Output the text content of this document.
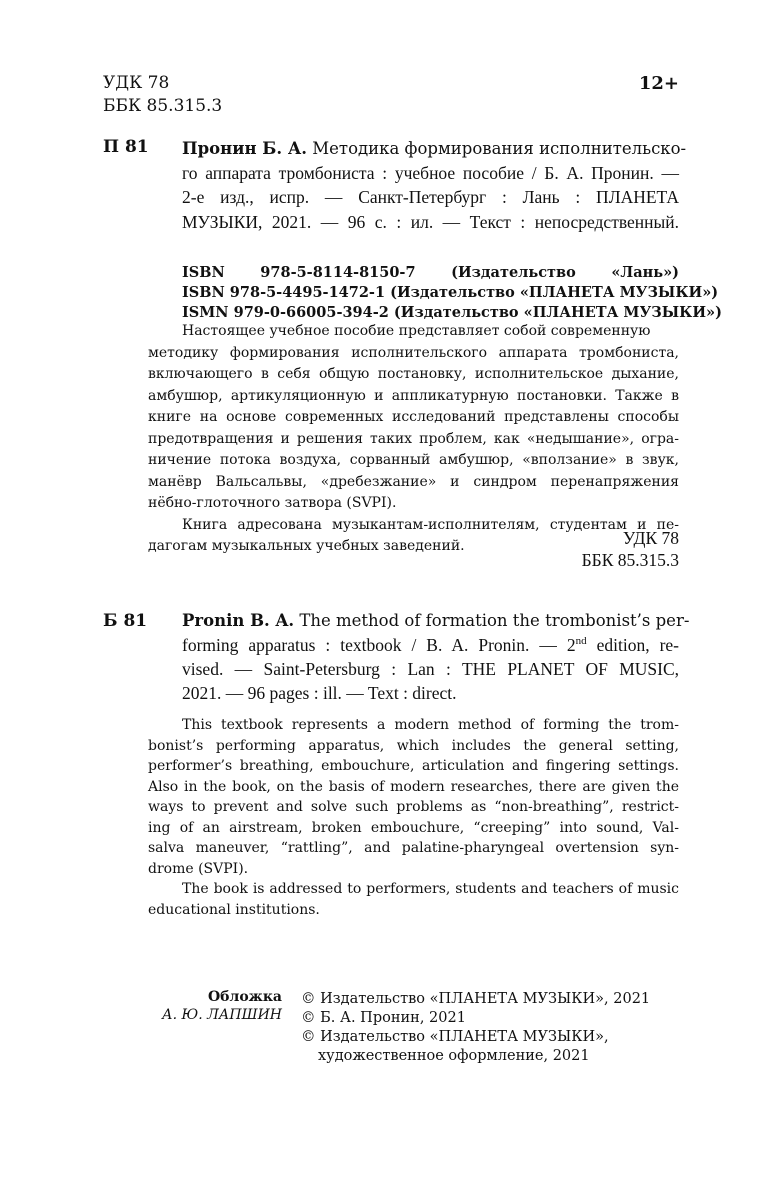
УДК 78
ББК 85.315.3
12+
П 81 Пронин Б. А. Методика формирования исполнительско-
го аппарата тромбониста : учебное пособие / Б. А. Пронин. —
2-е изд., испр. — Санкт-Петербург : Лань : ПЛАНЕТА
МУЗЫКИ, 2021. — 96 с. : ил. — Текст : непосредственный.
ISBN 978-5-8114-8150-7 (Издательство «Лань»)
ISBN 978-5-4495-1472-1 (Издательство «ПЛАНЕТА МУЗЫКИ»)
ISMN 979-0-66005-394-2 (Издательство «ПЛАНЕТА МУЗЫКИ»)
Настоящее учебное пособие представляет собой современную
методику формирования исполнительского аппарата тромбониста,
включающего в себя общую постановку, исполнительское дыхание,
амбушюр, артикуляционную и аппликатурную постановки. Также в
книге на основе современных исследований представлены способы
предотвращения и решения таких проблем, как «недышание», огра-
ничение потока воздуха, сорванный амбушюр, «вползание» в звук,
манёвр Вальсальвы, «дребезжание» и синдром перенапряжения
нёбно-глоточного затвора (SVPI).
Книга адресована музыкантам-исполнителям, студентам и пе-
дагогам музыкальных учебных заведений.	УДК 78
ББК 85.315.3
Б 81 Pronin B. A. The method of formation the trombonist’s per-
forming apparatus : textbook / B. A. Pronin. — 2nd edition, re-
vised. — Saint-Petersburg : Lan : THE PLANET OF MUSIC,
2021. — 96 pages : ill. — Text : direct.
This textbook represents a modern method of forming the trom-
bonist’s performing apparatus, which includes the general setting,
performer’s breathing, embouchure, articulation and fingering settings.
Also in the book, on the basis of modern researches, there are given the
ways to prevent and solve such problems as “non-breathing”, restrict-
ing of an airstream, broken embouchure, “creeping” into sound, Val-
salva maneuver, “rattling”, and palatine-pharyngeal overtension syn-
drome (SVPI).
The book is addressed to performers, students and teachers of music
educational institutions.
Обложка
А. Ю. ЛАПШИН
© Издательство «ПЛАНЕТА МУЗЫКИ», 2021
© Б. А. Пронин, 2021
© Издательство «ПЛАНЕТА МУЗЫКИ»,
художественное оформление, 2021
